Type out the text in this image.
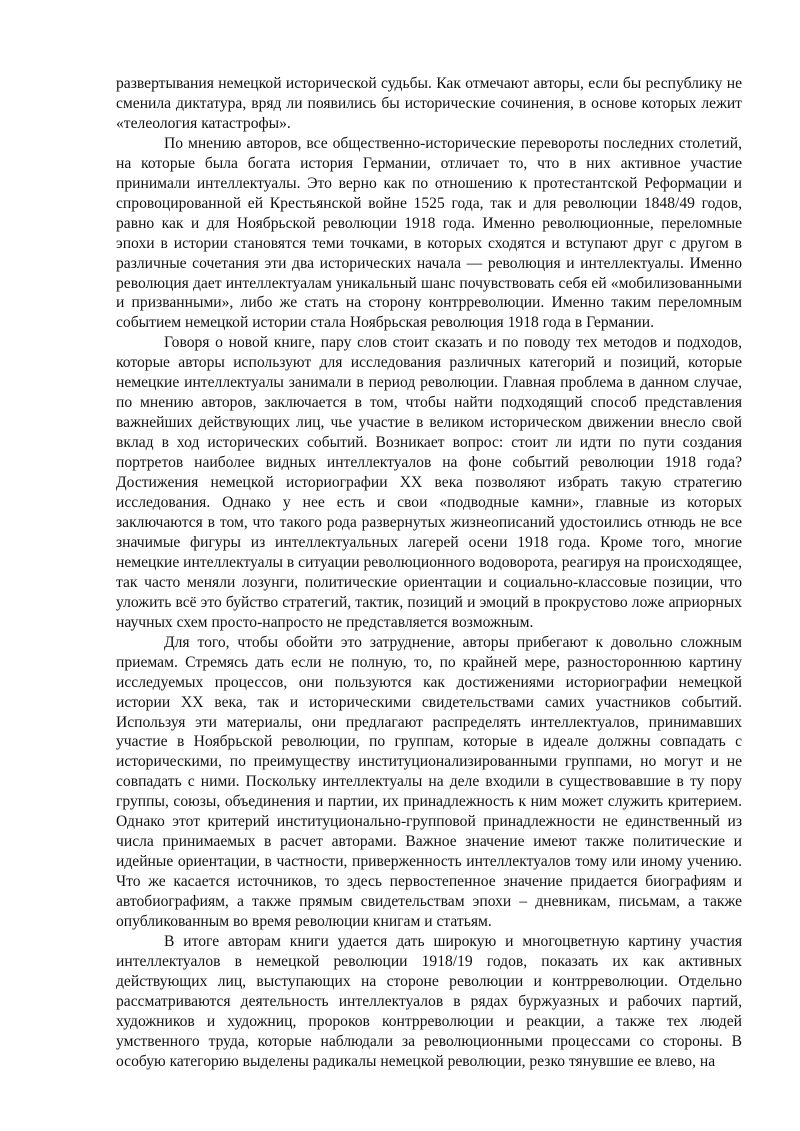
развертывания немецкой исторической судьбы. Как отмечают авторы, если бы республику не сменила диктатура, вряд ли появились бы исторические сочинения, в основе которых лежит «телеология катастрофы».

По мнению авторов, все общественно-исторические перевороты последних столетий, на которые была богата история Германии, отличает то, что в них активное участие принимали интеллектуалы. Это верно как по отношению к протестантской Реформации и спровоцированной ей Крестьянской войне 1525 года, так и для революции 1848/49 годов, равно как и для Ноябрьской революции 1918 года. Именно революционные, переломные эпохи в истории становятся теми точками, в которых сходятся и вступают друг с другом в различные сочетания эти два исторических начала — революция и интеллектуалы. Именно революция дает интеллектуалам уникальный шанс почувствовать себя ей «мобилизованными и призванными», либо же стать на сторону контрреволюции. Именно таким переломным событием немецкой истории стала Ноябрьская революция 1918 года в Германии.

Говоря о новой книге, пару слов стоит сказать и по поводу тех методов и подходов, которые авторы используют для исследования различных категорий и позиций, которые немецкие интеллектуалы занимали в период революции. Главная проблема в данном случае, по мнению авторов, заключается в том, чтобы найти подходящий способ представления важнейших действующих лиц, чье участие в великом историческом движении внесло свой вклад в ход исторических событий. Возникает вопрос: стоит ли идти по пути создания портретов наиболее видных интеллектуалов на фоне событий революции 1918 года? Достижения немецкой историографии XX века позволяют избрать такую стратегию исследования. Однако у нее есть и свои «подводные камни», главные из которых заключаются в том, что такого рода развернутых жизнеописаний удостоились отнюдь не все значимые фигуры из интеллектуальных лагерей осени 1918 года. Кроме того, многие немецкие интеллектуалы в ситуации революционного водоворота, реагируя на происходящее, так часто меняли лозунги, политические ориентации и социально-классовые позиции, что уложить всё это буйство стратегий, тактик, позиций и эмоций в прокрустово ложе априорных научных схем просто-напросто не представляется возможным.

Для того, чтобы обойти это затруднение, авторы прибегают к довольно сложным приемам. Стремясь дать если не полную, то, по крайней мере, разностороннюю картину исследуемых процессов, они пользуются как достижениями историографии немецкой истории XX века, так и историческими свидетельствами самих участников событий. Используя эти материалы, они предлагают распределять интеллектуалов, принимавших участие в Ноябрьской революции, по группам, которые в идеале должны совпадать с историческими, по преимуществу институционализированными группами, но могут и не совпадать с ними. Поскольку интеллектуалы на деле входили в существовавшие в ту пору группы, союзы, объединения и партии, их принадлежность к ним может служить критерием. Однако этот критерий институционально-групповой принадлежности не единственный из числа принимаемых в расчет авторами. Важное значение имеют также политические и идейные ориентации, в частности, приверженность интеллектуалов тому или иному учению. Что же касается источников, то здесь первостепенное значение придается биографиям и автобиографиям, а также прямым свидетельствам эпохи – дневникам, письмам, а также опубликованным во время революции книгам и статьям.

В итоге авторам книги удается дать широкую и многоцветную картину участия интеллектуалов в немецкой революции 1918/19 годов, показать их как активных действующих лиц, выступающих на стороне революции и контрреволюции. Отдельно рассматриваются деятельность интеллектуалов в рядах буржуазных и рабочих партий, художников и художниц, пророков контрреволюции и реакции, а также тех людей умственного труда, которые наблюдали за революционными процессами со стороны. В особую категорию выделены радикалы немецкой революции, резко тянувшие ее влево, на
